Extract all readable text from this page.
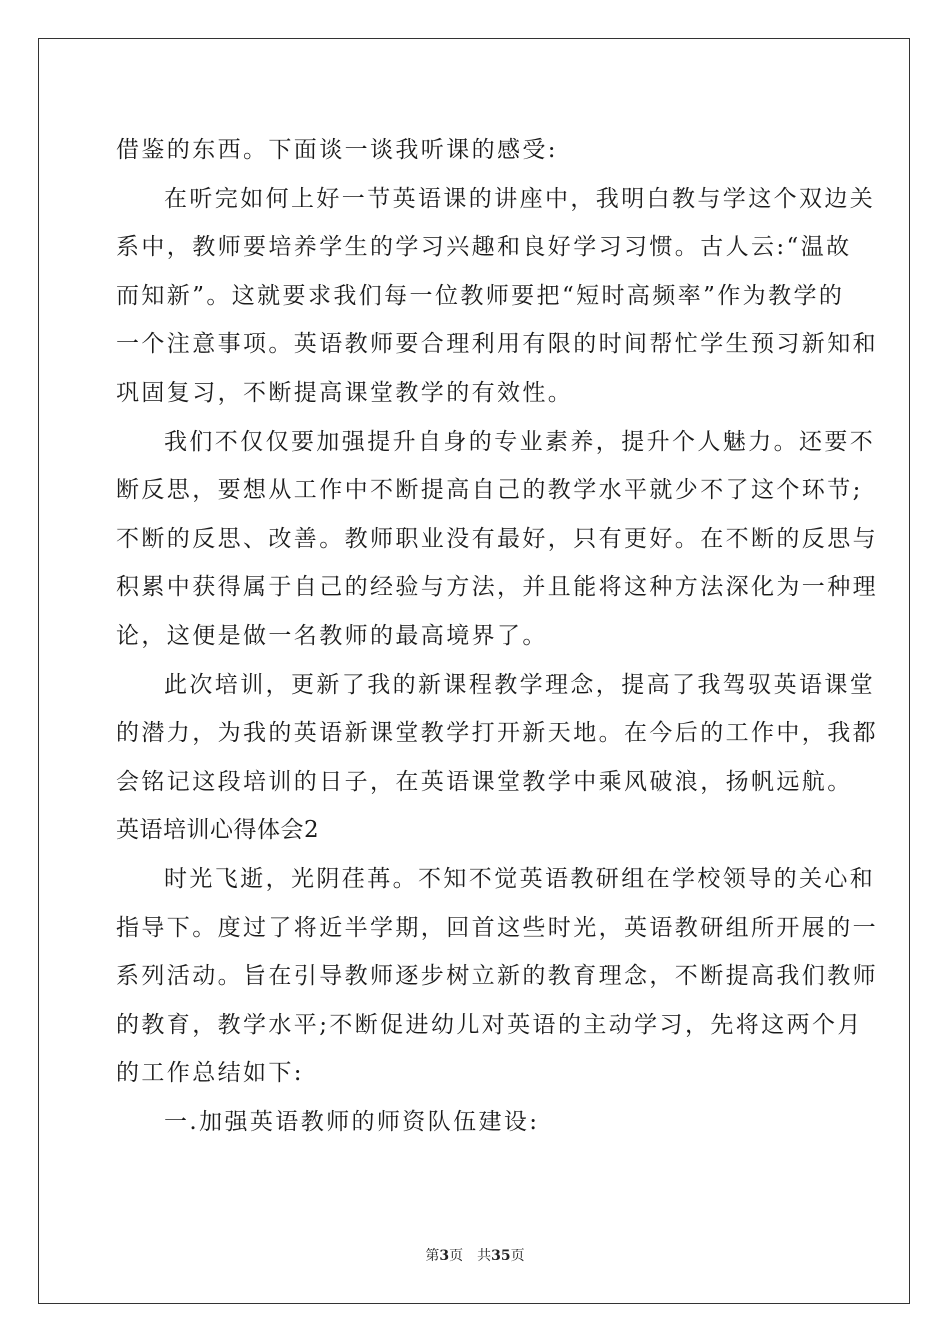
借鉴的东西。下面谈一谈我听课的感受:
在听完如何上好一节英语课的讲座中，我明白教与学这个双边关
系中，教师要培养学生的学习兴趣和良好学习习惯。古人云:“温故
而知新”。这就要求我们每一位教师要把“短时高频率”作为教学的
一个注意事项。英语教师要合理利用有限的时间帮忙学生预习新知和
巩固复习，不断提高课堂教学的有效性。
我们不仅仅要加强提升自身的专业素养，提升个人魅力。还要不
断反思，要想从工作中不断提高自己的教学水平就少不了这个环节;
不断的反思、改善。教师职业没有最好，只有更好。在不断的反思与
积累中获得属于自己的经验与方法，并且能将这种方法深化为一种理
论，这便是做一名教师的最高境界了。
此次培训，更新了我的新课程教学理念，提高了我驾驭英语课堂
的潜力，为我的英语新课堂教学打开新天地。在今后的工作中，我都
会铭记这段培训的日子，在英语课堂教学中乘风破浪，扬帆远航。
英语培训心得体会2
时光飞逝，光阴荏苒。不知不觉英语教研组在学校领导的关心和
指导下。度过了将近半学期，回首这些时光，英语教研组所开展的一
系列活动。旨在引导教师逐步树立新的教育理念，不断提高我们教师
的教育，教学水平;不断促进幼儿对英语的主动学习，先将这两个月
的工作总结如下:
一.加强英语教师的师资队伍建设:
第3页 共35页
